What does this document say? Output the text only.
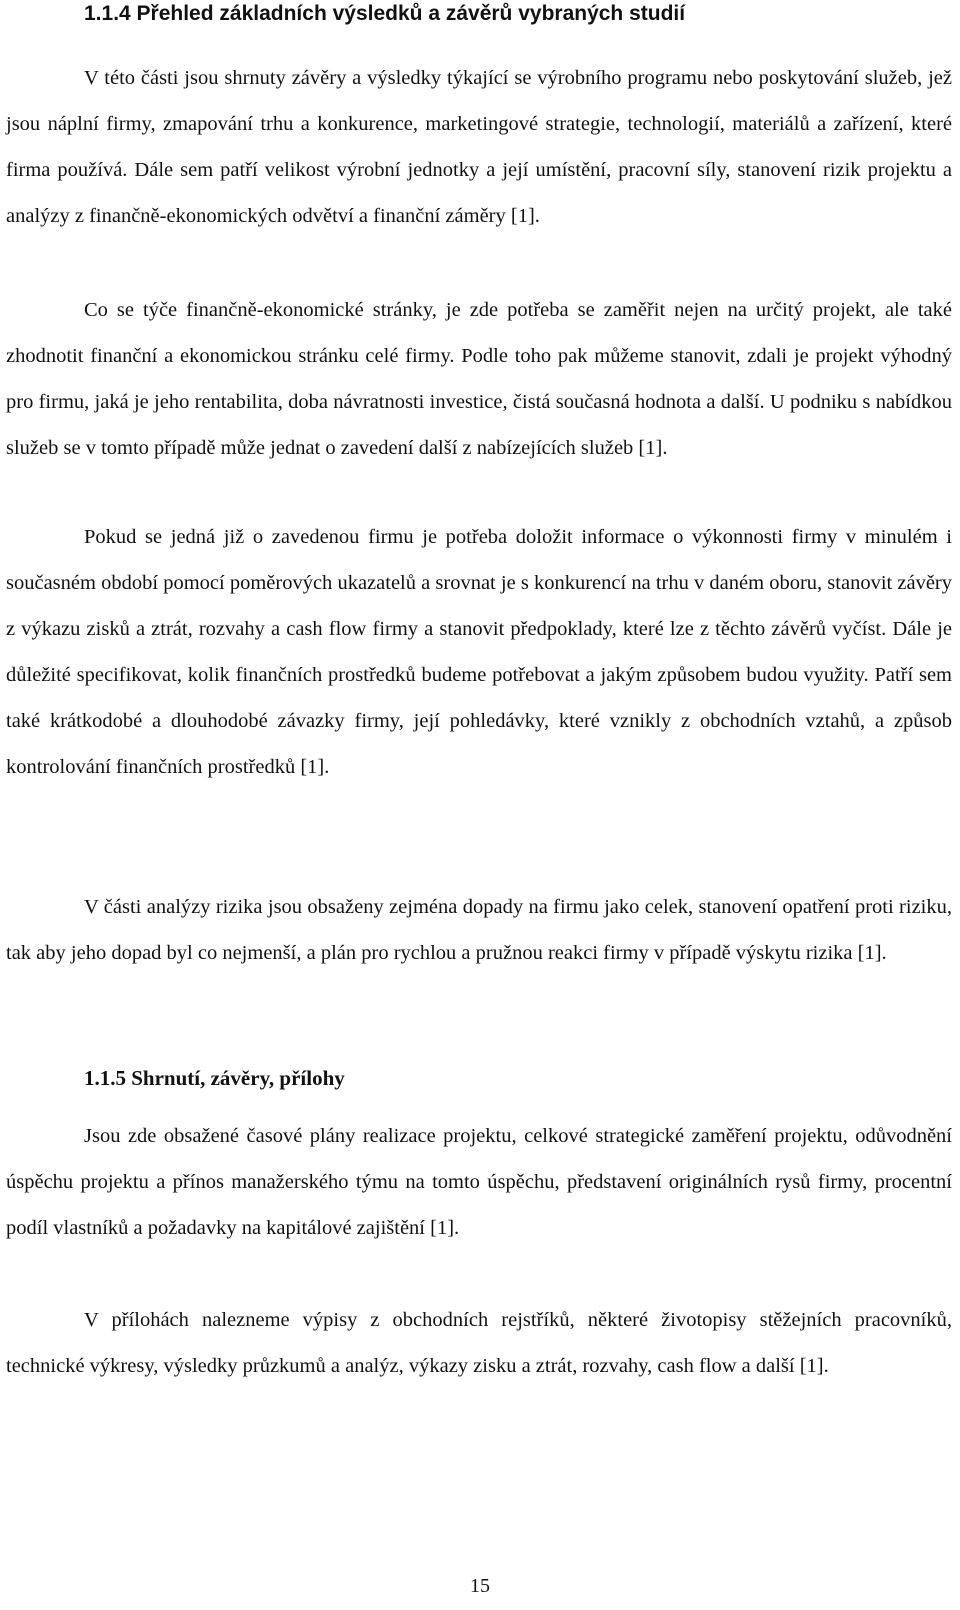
1.1.4 Přehled základních výsledků a závěrů vybraných studií

V této části jsou shrnuty závěry a výsledky týkající se výrobního programu nebo poskytování služeb, jež jsou náplní firmy, zmapování trhu a konkurence, marketingové strategie, technologií, materiálů a zařízení, které firma používá. Dále sem patří velikost výrobní jednotky a její umístění, pracovní síly, stanovení rizik projektu a analýzy z finančně-ekonomických odvětví a finanční záměry [1].

Co se týče finančně-ekonomické stránky, je zde potřeba se zaměřit nejen na určitý projekt, ale také zhodnotit finanční a ekonomickou stránku celé firmy. Podle toho pak můžeme stanovit, zdali je projekt výhodný pro firmu, jaká je jeho rentabilita, doba návratnosti investice, čistá současná hodnota a další. U podniku s nabídkou služeb se v tomto případě může jednat o zavedení další z nabízejících služeb [1].

Pokud se jedná již o zavedenou firmu je potřeba doložit informace o výkonnosti firmy v minulém i současném období pomocí poměrových ukazatelů a srovnat je s konkurencí na trhu v daném oboru, stanovit závěry z výkazu zisků a ztrát, rozvahy a cash flow firmy a stanovit předpoklady, které lze z těchto závěrů vyčíst. Dále je důležité specifikovat, kolik finančních prostředků budeme potřebovat a jakým způsobem budou využity. Patří sem také krátkodobé a dlouhodobé závazky firmy, její pohledávky, které vznikly z obchodních vztahů, a způsob kontrolování finančních prostředků [1].

V části analýzy rizika jsou obsaženy zejména dopady na firmu jako celek, stanovení opatření proti riziku, tak aby jeho dopad byl co nejmenší, a plán pro rychlou a pružnou reakci firmy v případě výskytu rizika [1].

1.1.5 Shrnutí, závěry, přílohy

Jsou zde obsažené časové plány realizace projektu, celkové strategické zaměření projektu, odůvodnění úspěchu projektu a přínos manažerského týmu na tomto úspěchu, představení originálních rysů firmy, procentní podíl vlastníků a požadavky na kapitálové zajištění [1].

V přílohách nalezneme výpisy z obchodních rejstříků, některé životopisy stěžejních pracovníků, technické výkresy, výsledky průzkumů a analýz, výkazy zisku a ztrát, rozvahy, cash flow a další [1].

15
